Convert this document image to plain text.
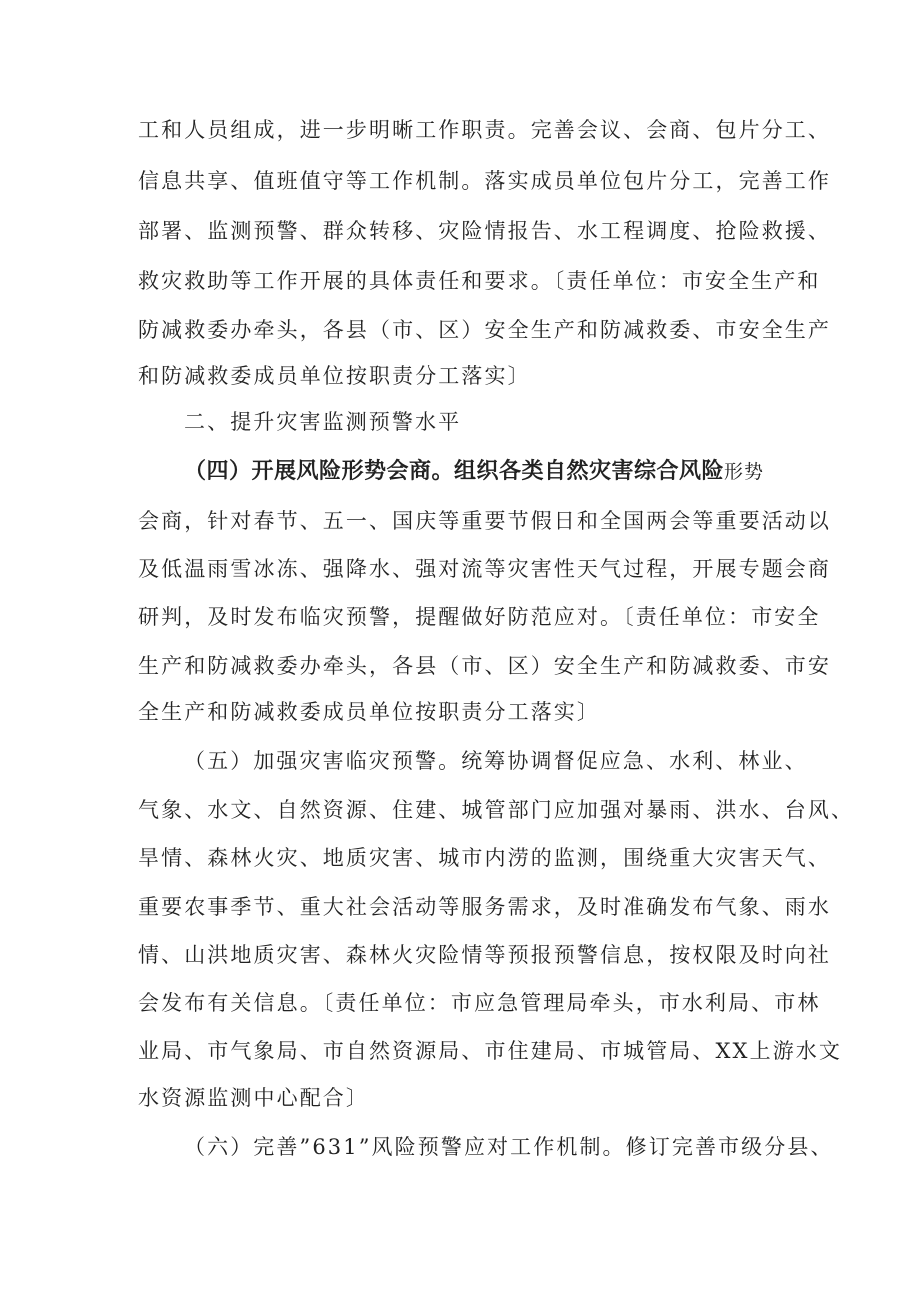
工和人员组成，进一步明晰工作职责。完善会议、会商、包片分工、
信息共享、值班值守等工作机制。落实成员单位包片分工，完善工作
部署、监测预警、群众转移、灾险情报告、水工程调度、抢险救援、
救灾救助等工作开展的具体责任和要求。〔责任单位：市安全生产和
防减救委办牵头，各县（市、区）安全生产和防减救委、市安全生产
和防减救委成员单位按职责分工落实〕
二、提升灾害监测预警水平
（四）开展风险形势会商。组织各类自然灾害综合风险形势
会商，针对春节、五一、国庆等重要节假日和全国两会等重要活动以
及低温雨雪冰冻、强降水、强对流等灾害性天气过程，开展专题会商
研判，及时发布临灾预警，提醒做好防范应对。〔责任单位：市安全
生产和防减救委办牵头，各县（市、区）安全生产和防减救委、市安
全生产和防减救委成员单位按职责分工落实〕
（五）加强灾害临灾预警。统筹协调督促应急、水利、林业、
气象、水文、自然资源、住建、城管部门应加强对暴雨、洪水、台风、
旱情、森林火灾、地质灾害、城市内涝的监测，围绕重大灾害天气、
重要农事季节、重大社会活动等服务需求，及时准确发布气象、雨水
情、山洪地质灾害、森林火灾险情等预报预警信息，按权限及时向社
会发布有关信息。〔责任单位：市应急管理局牵头，市水利局、市林
业局、市气象局、市自然资源局、市住建局、市城管局、XX上游水文
水资源监测中心配合〕
（六）完善”631”风险预警应对工作机制。修订完善市级分县、
